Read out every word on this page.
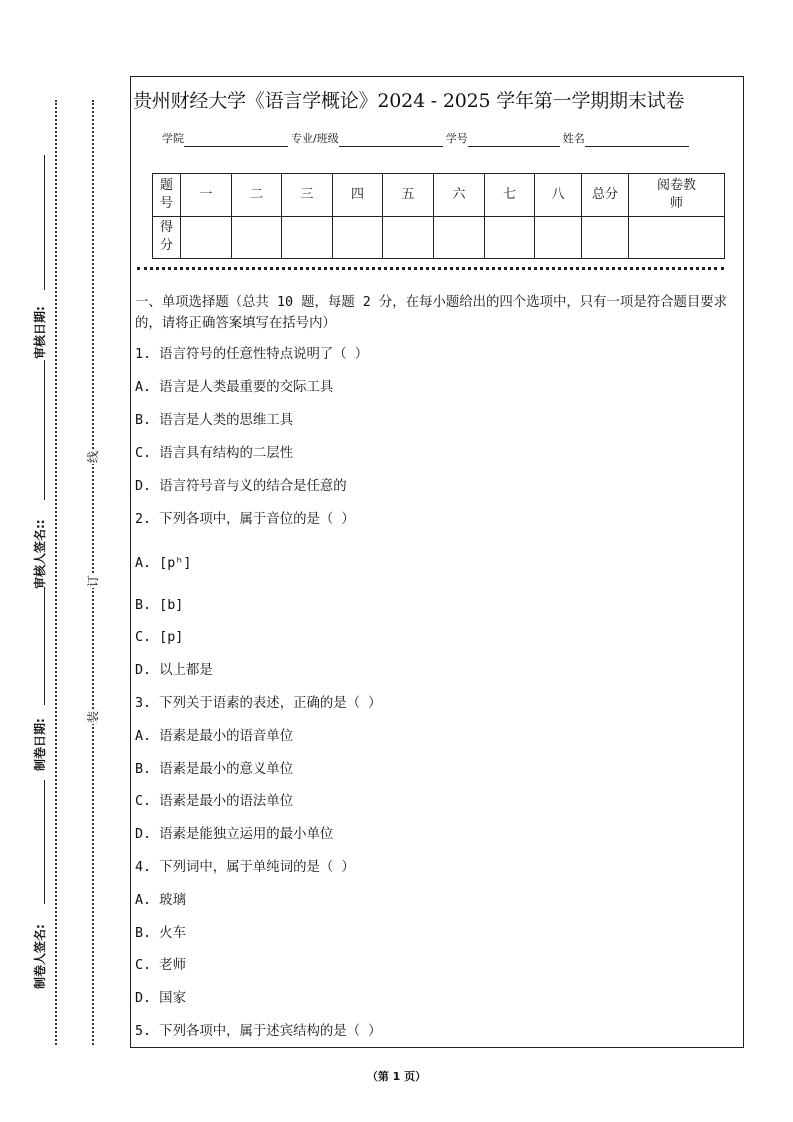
审核日期:
审核人签名::
制卷日期:
制卷人签名:
线
订
装
贵州财经大学《语言学概论》2024 - 2025 学年第一学期期末试卷
学院	专业/班级	学号	姓名
题号	一	二	三	四	五	六	七	八	总分	阅卷教师
得分										
一、单项选择题（总共 10 题，每题 2 分，在每小题给出的四个选项中，只有一项是符合题目要求的，请将正确答案填写在括号内）
1. 语言符号的任意性特点说明了（ ）
A. 语言是人类最重要的交际工具
B. 语言是人类的思维工具
C. 语言具有结构的二层性
D. 语言符号音与义的结合是任意的
2. 下列各项中，属于音位的是（ ）
A. [pʰ]
B. [b]
C. [p]
D. 以上都是
3. 下列关于语素的表述，正确的是（ ）
A. 语素是最小的语音单位
B. 语素是最小的意义单位
C. 语素是最小的语法单位
D. 语素是能独立运用的最小单位
4. 下列词中，属于单纯词的是（ ）
A. 玻璃
B. 火车
C. 老师
D. 国家
5. 下列各项中，属于述宾结构的是（ ）
（第 1 页）
